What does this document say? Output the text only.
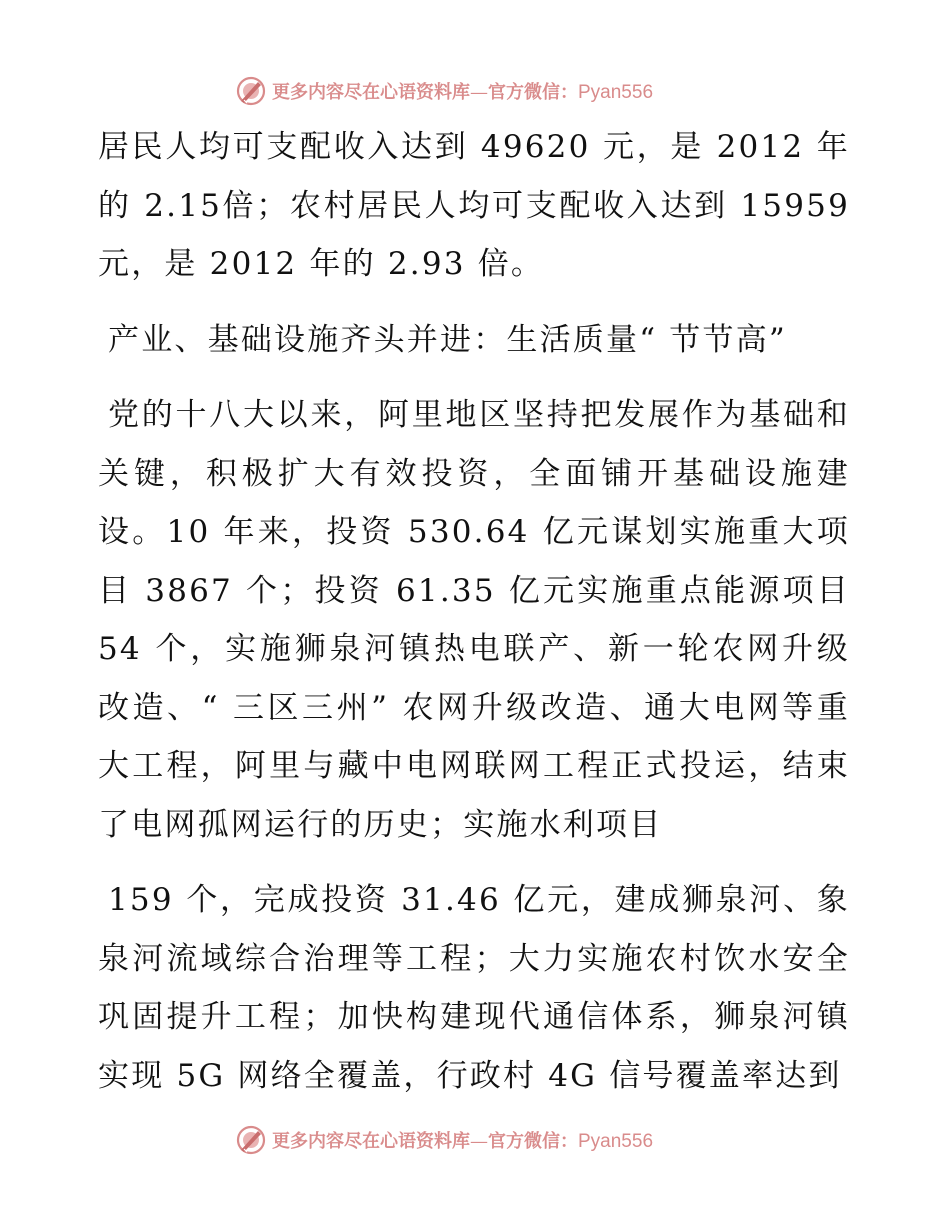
更多内容尽在心语资料库—官方微信：Pyan556

居民人均可支配收入达到 49620 元，是 2012 年的 2.15倍；农村居民人均可支配收入达到 15959 元，是 2012 年的 2.93 倍。

产业、基础设施齐头并进：生活质量“ 节节高”

党的十八大以来，阿里地区坚持把发展作为基础和关键，积极扩大有效投资，全面铺开基础设施建设。10 年来，投资 530.64 亿元谋划实施重大项目 3867 个；投资 61.35 亿元实施重点能源项目 54 个，实施狮泉河镇热电联产、新一轮农网升级改造、“ 三区三州” 农网升级改造、通大电网等重大工程，阿里与藏中电网联网工程正式投运，结束了电网孤网运行的历史；实施水利项目

159 个，完成投资 31.46 亿元，建成狮泉河、象泉河流域综合治理等工程；大力实施农村饮水安全巩固提升工程；加快构建现代通信体系，狮泉河镇实现 5G 网络全覆盖，行政村 4G 信号覆盖率达到

更多内容尽在心语资料库—官方微信：Pyan556
